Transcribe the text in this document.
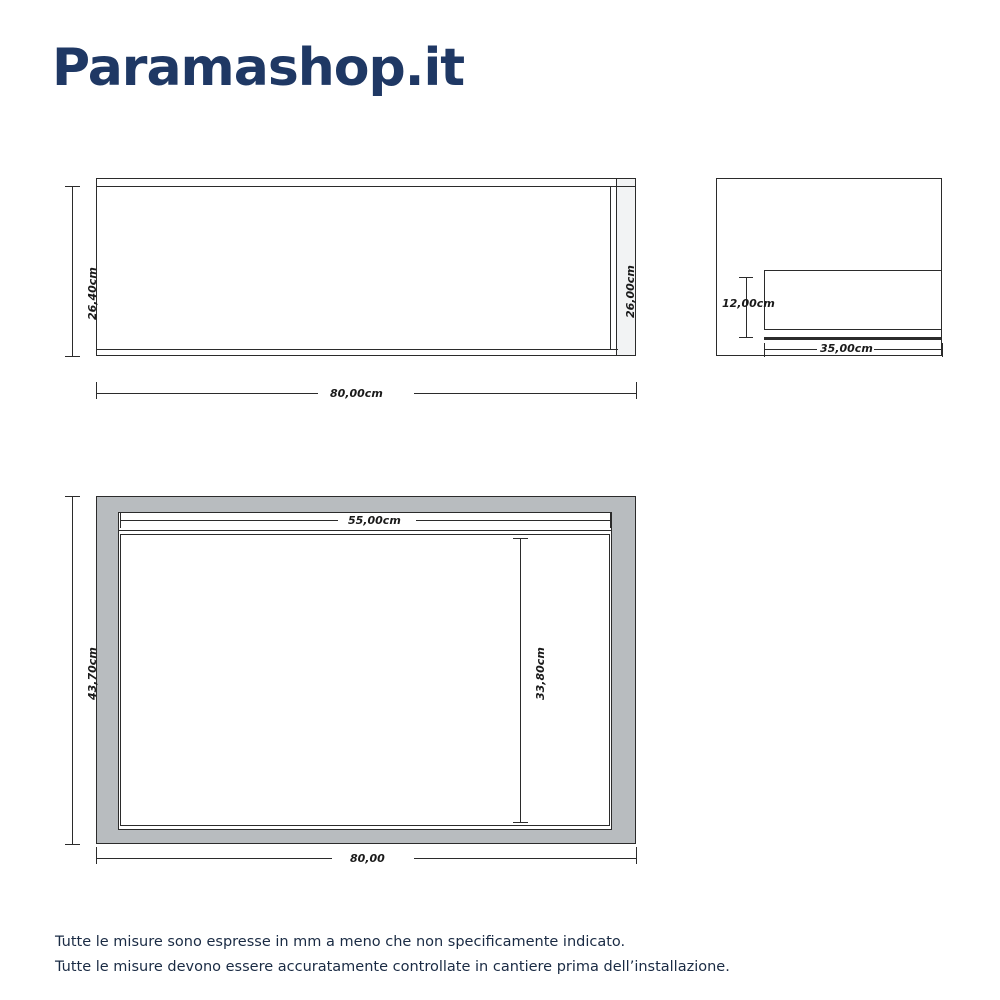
Paramashop.it
26,40cm	26,00cm
80,00cm
12,00cm
35,00cm
55,00cm
43,70cm	33,80cm
80,00
Tutte le misure sono espresse in mm a meno che non specificamente indicato.
Tutte le misure devono essere accuratamente controllate in cantiere prima dell’installazione.
